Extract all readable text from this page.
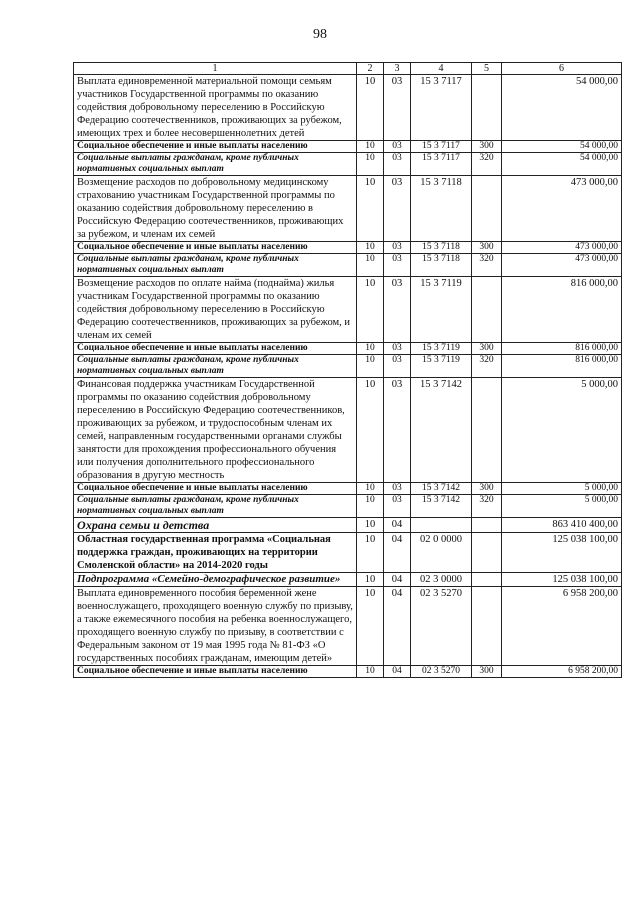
98
1	2	3	4	5	6
Выплата единовременной материальной помощи семьям участников Государственной программы по оказанию содействия добровольному переселению в Российскую Федерацию соотечественников, проживающих за рубежом, имеющих трех и более несовершеннолетних детей	10	03	15 3 7117		54 000,00
Социальное обеспечение и иные выплаты населению	10	03	15 3 7117	300	54 000,00
Социальные выплаты гражданам, кроме публичных нормативных социальных выплат	10	03	15 3 7117	320	54 000,00
Возмещение расходов по добровольному медицинскому страхованию участникам Государственной программы по оказанию содействия добровольному переселению в Российскую Федерацию соотечественников, проживающих за рубежом, и членам их семей	10	03	15 3 7118		473 000,00
Социальное обеспечение и иные выплаты населению	10	03	15 3 7118	300	473 000,00
Социальные выплаты гражданам, кроме публичных нормативных социальных выплат	10	03	15 3 7118	320	473 000,00
Возмещение расходов по оплате найма (поднайма) жилья участникам Государственной программы по оказанию содействия добровольному переселению в Российскую Федерацию соотечественников, проживающих за рубежом, и членам их семей	10	03	15 3 7119		816 000,00
Социальное обеспечение и иные выплаты населению	10	03	15 3 7119	300	816 000,00
Социальные выплаты гражданам, кроме публичных нормативных социальных выплат	10	03	15 3 7119	320	816 000,00
Финансовая поддержка участникам Государственной программы по оказанию содействия добровольному переселению в Российскую Федерацию соотечественников, проживающих за рубежом, и трудоспособным членам их семей, направленным государственными органами службы занятости для прохождения профессионального обучения или получения дополнительного профессионального образования в другую местность	10	03	15 3 7142		5 000,00
Социальное обеспечение и иные выплаты населению	10	03	15 3 7142	300	5 000,00
Социальные выплаты гражданам, кроме публичных нормативных социальных выплат	10	03	15 3 7142	320	5 000,00
Охрана семьи и детства	10	04			863 410 400,00
Областная государственная программа «Социальная поддержка граждан, проживающих на территории Смоленской области» на 2014-2020 годы	10	04	02 0 0000		125 038 100,00
Подпрограмма «Семейно-демографическое развитие»	10	04	02 3 0000		125 038 100,00
Выплата единовременного пособия беременной жене военнослужащего, проходящего военную службу по призыву, а также ежемесячного пособия на ребенка военнослужащего, проходящего военную службу по призыву, в соответствии с Федеральным законом от 19 мая 1995 года № 81-ФЗ «О государственных пособиях гражданам, имеющим детей»	10	04	02 3 5270		6 958 200,00
Социальное обеспечение и иные выплаты населению	10	04	02 3 5270	300	6 958 200,00
